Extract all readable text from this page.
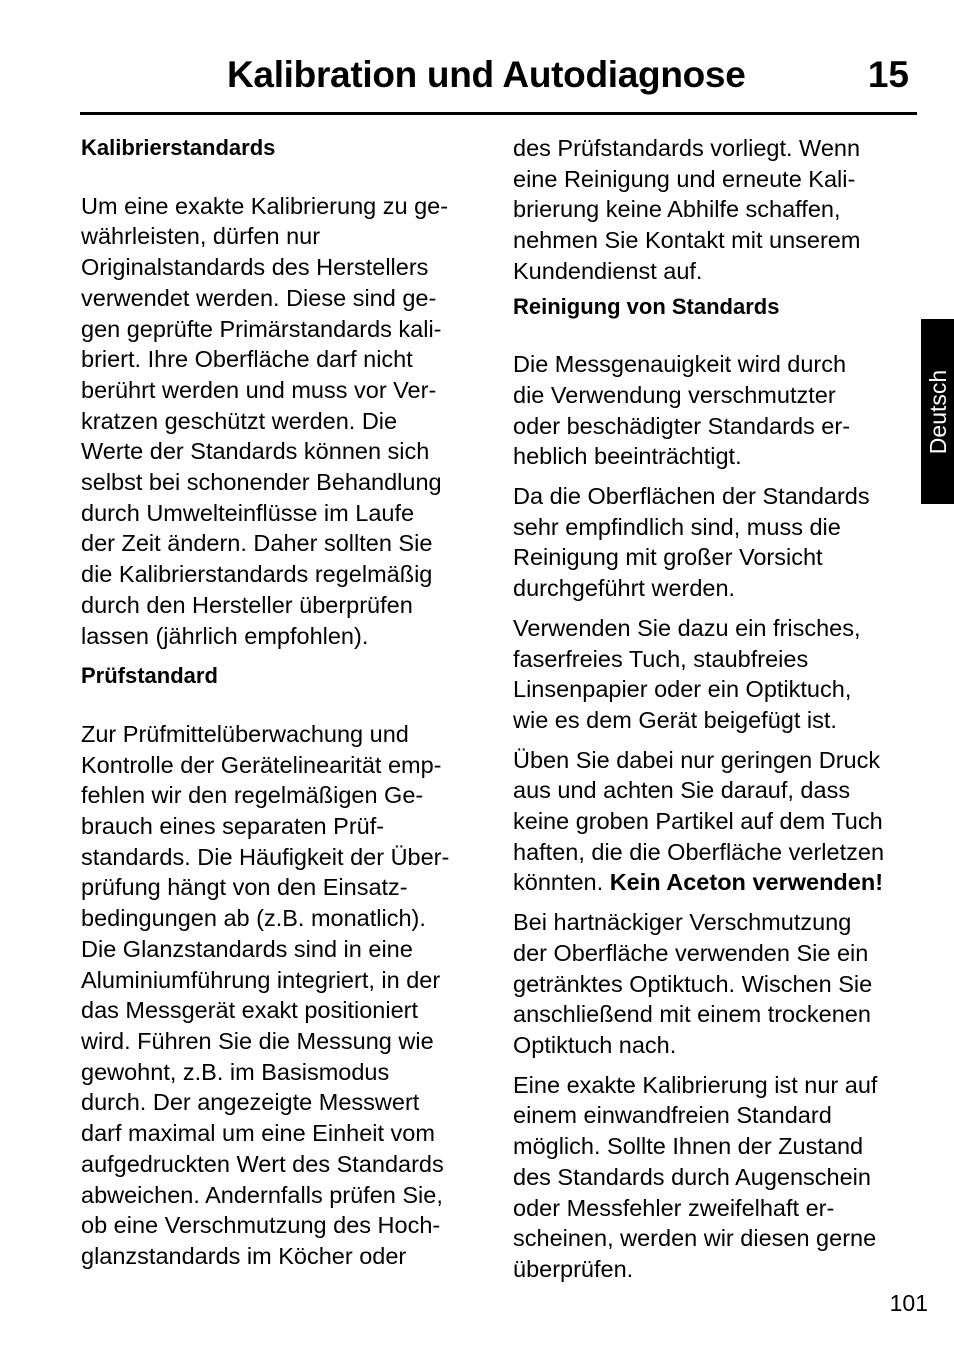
Kalibration und Autodiagnose	15
Kalibrierstandards
Um eine exakte Kalibrierung zu ge-
währleisten, dürfen nur
Originalstandards des Herstellers
verwendet werden. Diese sind ge-
gen geprüfte Primärstandards kali-
briert. Ihre Oberfläche darf nicht
berührt werden und muss vor Ver-
kratzen geschützt werden. Die
Werte der Standards können sich
selbst bei schonender Behandlung
durch Umwelteinflüsse im Laufe
der Zeit ändern. Daher sollten Sie
die Kalibrierstandards regelmäßig
durch den Hersteller überprüfen
lassen (jährlich empfohlen).
Prüfstandard
Zur Prüfmittelüberwachung und
Kontrolle der Gerätelinearität emp-
fehlen wir den regelmäßigen Ge-
brauch eines separaten Prüf-
standards. Die Häufigkeit der Über-
prüfung hängt von den Einsatz-
bedingungen ab (z.B. monatlich).
Die Glanzstandards sind in eine
Aluminiumführung integriert, in der
das Messgerät exakt positioniert
wird. Führen Sie die Messung wie
gewohnt, z.B. im Basismodus
durch. Der angezeigte Messwert
darf maximal um eine Einheit vom
aufgedruckten Wert des Standards
abweichen. Andernfalls prüfen Sie,
ob eine Verschmutzung des Hoch-
glanzstandards im Köcher oder
des Prüfstandards vorliegt. Wenn
eine Reinigung und erneute Kali-
brierung keine Abhilfe schaffen,
nehmen Sie Kontakt mit unserem
Kundendienst auf.
Reinigung von Standards
Die Messgenauigkeit wird durch
die Verwendung verschmutzter
oder beschädigter Standards er-
heblich beeinträchtigt.
Da die Oberflächen der Standards
sehr empfindlich sind, muss die
Reinigung mit großer Vorsicht
durchgeführt werden.
Verwenden Sie dazu ein frisches,
faserfreies Tuch, staubfreies
Linsenpapier oder ein Optiktuch,
wie es dem Gerät beigefügt ist.
Üben Sie dabei nur geringen Druck
aus und achten Sie darauf, dass
keine groben Partikel auf dem Tuch
haften, die die Oberfläche verletzen
könnten. Kein Aceton verwenden!
Bei hartnäckiger Verschmutzung
der Oberfläche verwenden Sie ein
getränktes Optiktuch. Wischen Sie
anschließend mit einem trockenen
Optiktuch nach.
Eine exakte Kalibrierung ist nur auf
einem einwandfreien Standard
möglich. Sollte Ihnen der Zustand
des Standards durch Augenschein
oder Messfehler zweifelhaft er-
scheinen, werden wir diesen gerne
überprüfen.
Deutsch
101
